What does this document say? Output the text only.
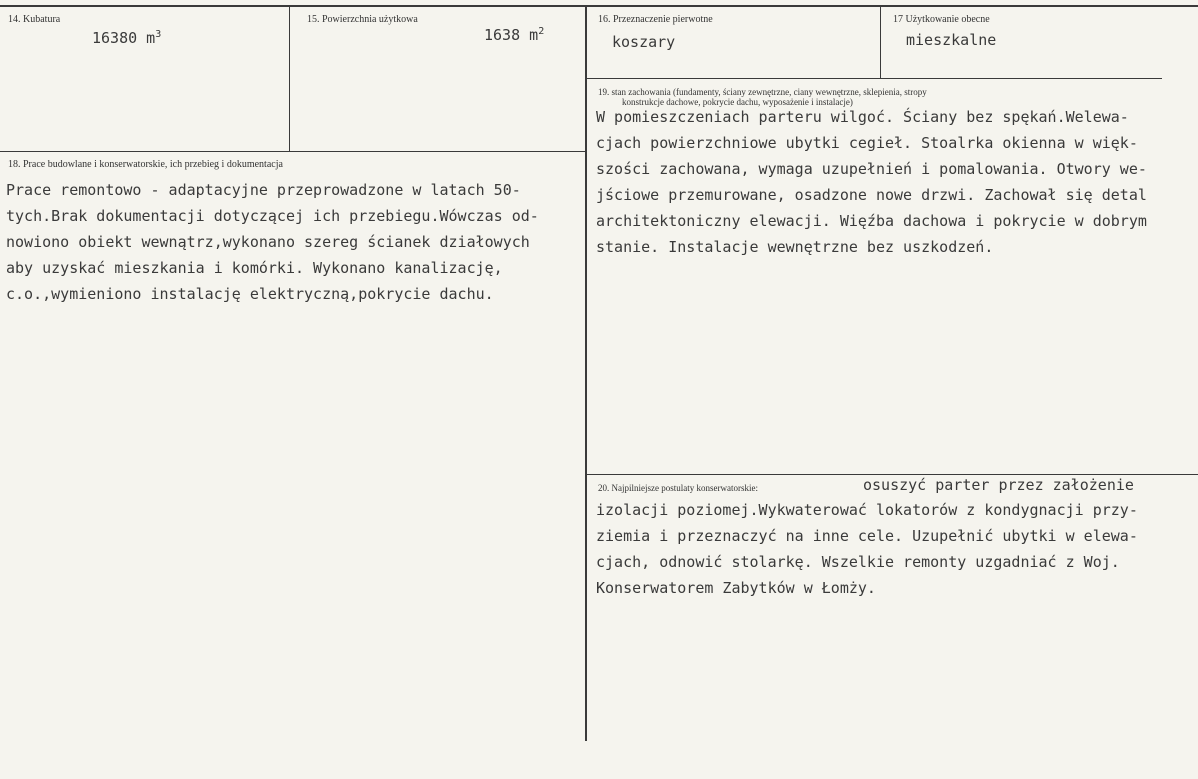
14. Kubatura
16380 $m^3$
15. Powierzchnia użytkowa
1638 $m^2$
16. Przeznaczenie pierwotne
koszary
17 Użytkowanie obecne
mieszkalne
19. stan zachowania (fundamenty, ściany zewnętrzne, ciany wewnętrzne, sklepienia, stropy
konstrukcje dachowe, pokrycie dachu, wyposażenie i instalacje)
W pomieszczeniach parteru wilgoć. Ściany bez spękań.Welewa-
cjach powierzchniowe ubytki cegieł. Stoalrka okienna w więk-
szości zachowana, wymaga uzupełnień i pomalowania. Otwory we-
jściowe przemurowane, osadzone nowe drzwi. Zachował się detal
architektoniczny elewacji. Więźba dachowa i pokrycie w dobrym
stanie. Instalacje wewnętrzne bez uszkodzeń.
18. Prace budowlane i konserwatorskie, ich przebieg i dokumentacja
Prace remontowo - adaptacyjne przeprowadzone w latach 50-
tych.Brak dokumentacji dotyczącej ich przebiegu.Wówczas od-
nowiono obiekt wewnątrz,wykonano szereg ścianek działowych
aby uzyskać mieszkania i komórki. Wykonano kanalizację,
c.o.,wymieniono instalację elektryczną,pokrycie dachu.
20. Najpilniejsze postulaty konserwatorskie:	osuszyć parter przez założenie
izolacji poziomej.Wykwaterować lokatorów z kondygnacji przy-
ziemia i przeznaczyć na inne cele. Uzupełnić ubytki w elewa-
cjach, odnowić stolarkę. Wszelkie remonty uzgadniać z Woj.
Konserwatorem Zabytków w Łomży.
